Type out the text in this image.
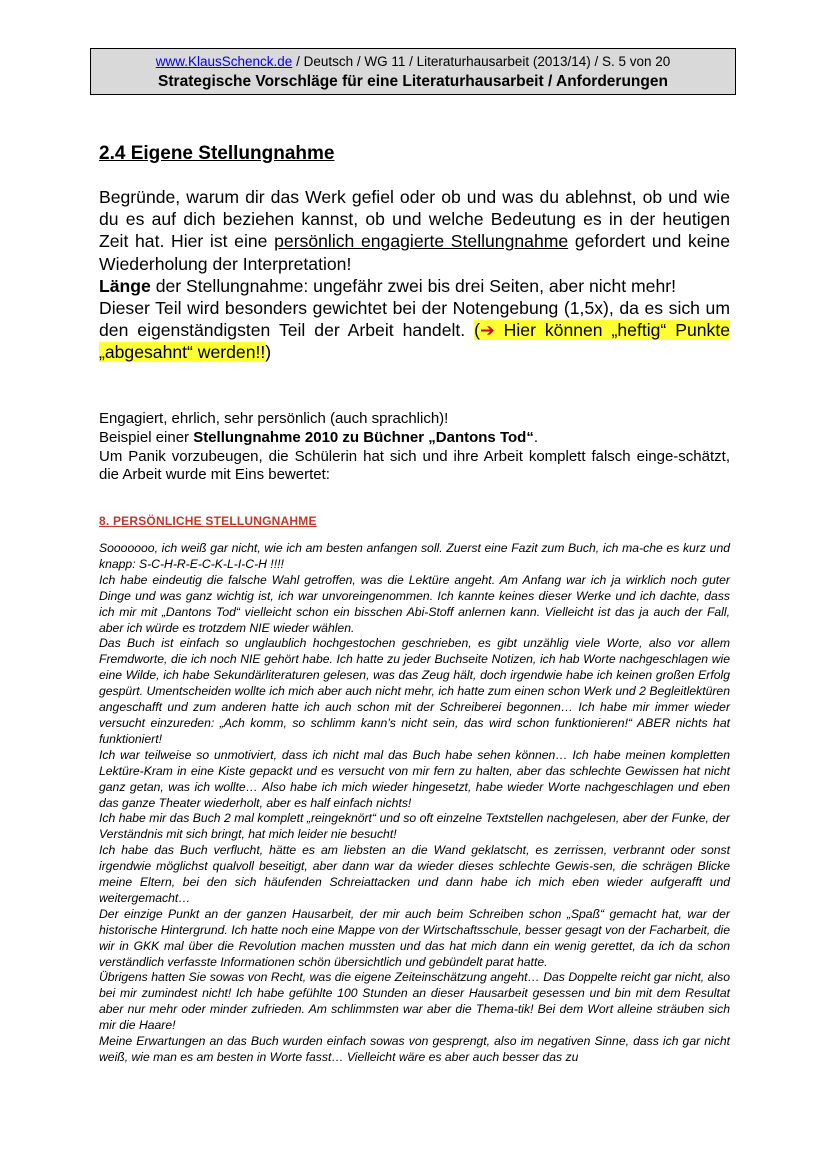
www.KlausSchenck.de / Deutsch / WG 11 / Literaturhausarbeit (2013/14) / S. 5 von 20
Strategische Vorschläge für eine Literaturhausarbeit / Anforderungen
2.4 Eigene Stellungnahme

Begründe, warum dir das Werk gefiel oder ob und was du ablehnst, ob und wie du es auf dich beziehen kannst, ob und welche Bedeutung es in der heutigen Zeit hat. Hier ist eine persönlich engagierte Stellungnahme gefordert und keine Wiederholung der Interpretation!

Länge der Stellungnahme: ungefähr zwei bis drei Seiten, aber nicht mehr!

Dieser Teil wird besonders gewichtet bei der Notengebung (1,5x), da es sich um den eigenständigsten Teil der Arbeit handelt. (➔ Hier können „heftig“ Punkte „abgesahnt“ werden!!)

Engagiert, ehrlich, sehr persönlich (auch sprachlich)!

Beispiel einer Stellungnahme 2010 zu Büchner „Dantons Tod“.

Um Panik vorzubeugen, die Schülerin hat sich und ihre Arbeit komplett falsch einge-schätzt, die Arbeit wurde mit Eins bewertet:

8. PERSÖNLICHE STELLUNGNAHME

Sooooooo, ich weiß gar nicht, wie ich am besten anfangen soll. Zuerst eine Fazit zum Buch, ich ma-che es kurz und knapp: S-C-H-R-E-C-K-L-I-C-H !!!!

Ich habe eindeutig die falsche Wahl getroffen, was die Lektüre angeht. Am Anfang war ich ja wirklich noch guter Dinge und was ganz wichtig ist, ich war unvoreingenommen. Ich kannte keines dieser Werke und ich dachte, dass ich mir mit „Dantons Tod“ vielleicht schon ein bisschen Abi-Stoff anlernen kann. Vielleicht ist das ja auch der Fall, aber ich würde es trotzdem NIE wieder wählen.

Das Buch ist einfach so unglaublich hochgestochen geschrieben, es gibt unzählig viele Worte, also vor allem Fremdworte, die ich noch NIE gehört habe. Ich hatte zu jeder Buchseite Notizen, ich hab Worte nachgeschlagen wie eine Wilde, ich habe Sekundärliteraturen gelesen, was das Zeug hält, doch irgendwie habe ich keinen großen Erfolg gespürt. Umentscheiden wollte ich mich aber auch nicht mehr, ich hatte zum einen schon Werk und 2 Begleitlektüren angeschafft und zum anderen hatte ich auch schon mit der Schreiberei begonnen… Ich habe mir immer wieder versucht einzureden: „Ach komm, so schlimm kann’s nicht sein, das wird schon funktionieren!“ ABER nichts hat funktioniert!

Ich war teilweise so unmotiviert, dass ich nicht mal das Buch habe sehen können… Ich habe meinen kompletten Lektüre-Kram in eine Kiste gepackt und es versucht von mir fern zu halten, aber das schlechte Gewissen hat nicht ganz getan, was ich wollte… Also habe ich mich wieder hingesetzt, habe wieder Worte nachgeschlagen und eben das ganze Theater wiederholt, aber es half einfach nichts!

Ich habe mir das Buch 2 mal komplett „reingeknört“ und so oft einzelne Textstellen nachgelesen, aber der Funke, der Verständnis mit sich bringt, hat mich leider nie besucht!

Ich habe das Buch verflucht, hätte es am liebsten an die Wand geklatscht, es zerrissen, verbrannt oder sonst irgendwie möglichst qualvoll beseitigt, aber dann war da wieder dieses schlechte Gewis-sen, die schrägen Blicke meine Eltern, bei den sich häufenden Schreiattacken und dann habe ich mich eben wieder aufgerafft und weitergemacht…

Der einzige Punkt an der ganzen Hausarbeit, der mir auch beim Schreiben schon „Spaß“ gemacht hat, war der historische Hintergrund. Ich hatte noch eine Mappe von der Wirtschaftsschule, besser gesagt von der Facharbeit, die wir in GKK mal über die Revolution machen mussten und das hat mich dann ein wenig gerettet, da ich da schon verständlich verfasste Informationen schön übersichtlich und gebündelt parat hatte.

Übrigens hatten Sie sowas von Recht, was die eigene Zeiteinschätzung angeht… Das Doppelte reicht gar nicht, also bei mir zumindest nicht! Ich habe gefühlte 100 Stunden an dieser Hausarbeit gesessen und bin mit dem Resultat aber nur mehr oder minder zufrieden. Am schlimmsten war aber die Thema-tik! Bei dem Wort alleine sträuben sich mir die Haare!

Meine Erwartungen an das Buch wurden einfach sowas von gesprengt, also im negativen Sinne, dass ich gar nicht weiß, wie man es am besten in Worte fasst… Vielleicht wäre es aber auch besser das zu
